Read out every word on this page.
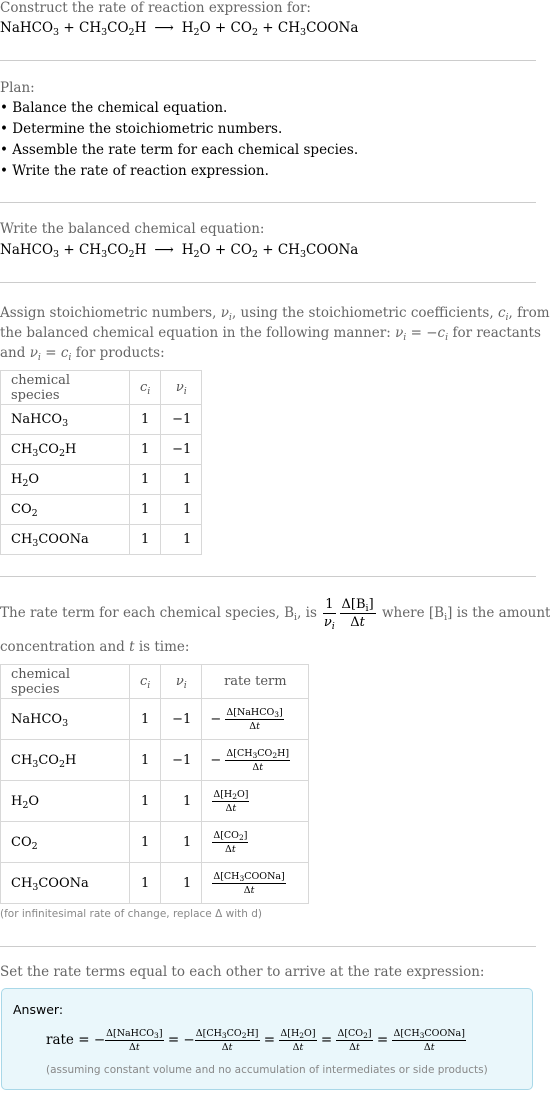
Construct the rate of reaction expression for:
NaHCO$_3$ + $CH_3CO_2H$ ⟶ $H_2O + CO_2$ + $CH_3COONa$
Plan:
• Balance the chemical equation.
• Determine the stoichiometric numbers.
• Assemble the rate term for each chemical species.
• Write the rate of reaction expression.
Write the balanced chemical equation:
NaHCO$_3$ + $CH_3CO_2H$ ⟶ $H_2O + CO_2$ + $CH_3COONa$
Assign stoichiometric numbers, $\nu_i$, using the stoichiometric coefficients, $c_i$, from
the balanced chemical equation in the following manner: $\nu_i = -c_i$ for reactants
and $\nu_i = c_i$ for products:
chemical species	$c_i$	$\nu_i$
NaHCO$_3$	1	−1
$CH_3CO_2H$	1	−1
$H_2O$	1	1
$CO_2$	1	1
$CH_3COONa$	1	1
The rate term for each chemical species, $B_i$, is $\frac{1}{\nu_i} \frac{\Delta[B_i]}{\Delta t}$ where $[B_i]$ is the amount
concentration and t is time:
chemical species	$c_i$	$\nu_i$	rate term
NaHCO$_3$	1	−1	− $\frac{\Delta[NaHCO_3]}{\Delta t}$

$CH_3CO_2H$	1	−1	− $\frac{\Delta[CH_3CO_2H]}{\Delta t}$

$H_2O$	1	1	$\frac{\Delta[H_2O]}{\Delta t}$

$CO_2$	1	1	$\frac{\Delta[CO_2]}{\Delta t}$

$CH_3COONa$	1	1	$\frac{\Delta[CH_3COONa]}{\Delta t}$
(for infinitesimal rate of change, replace Δ with d)
Set the rate terms equal to each other to arrive at the rate expression:
Answer:
rate = − $\frac{\Delta[NaHCO_3]}{\Delta t}$ = − $\frac{\Delta[CH_3CO_2H]}{\Delta t} = \frac{\Delta[H_2O]}{\Delta t} = \frac{\Delta[CO_2]}{\Delta t} = \frac{\Delta[CH_3COONa]}{\Delta t}$
(assuming constant volume and no accumulation of intermediates or side products)
